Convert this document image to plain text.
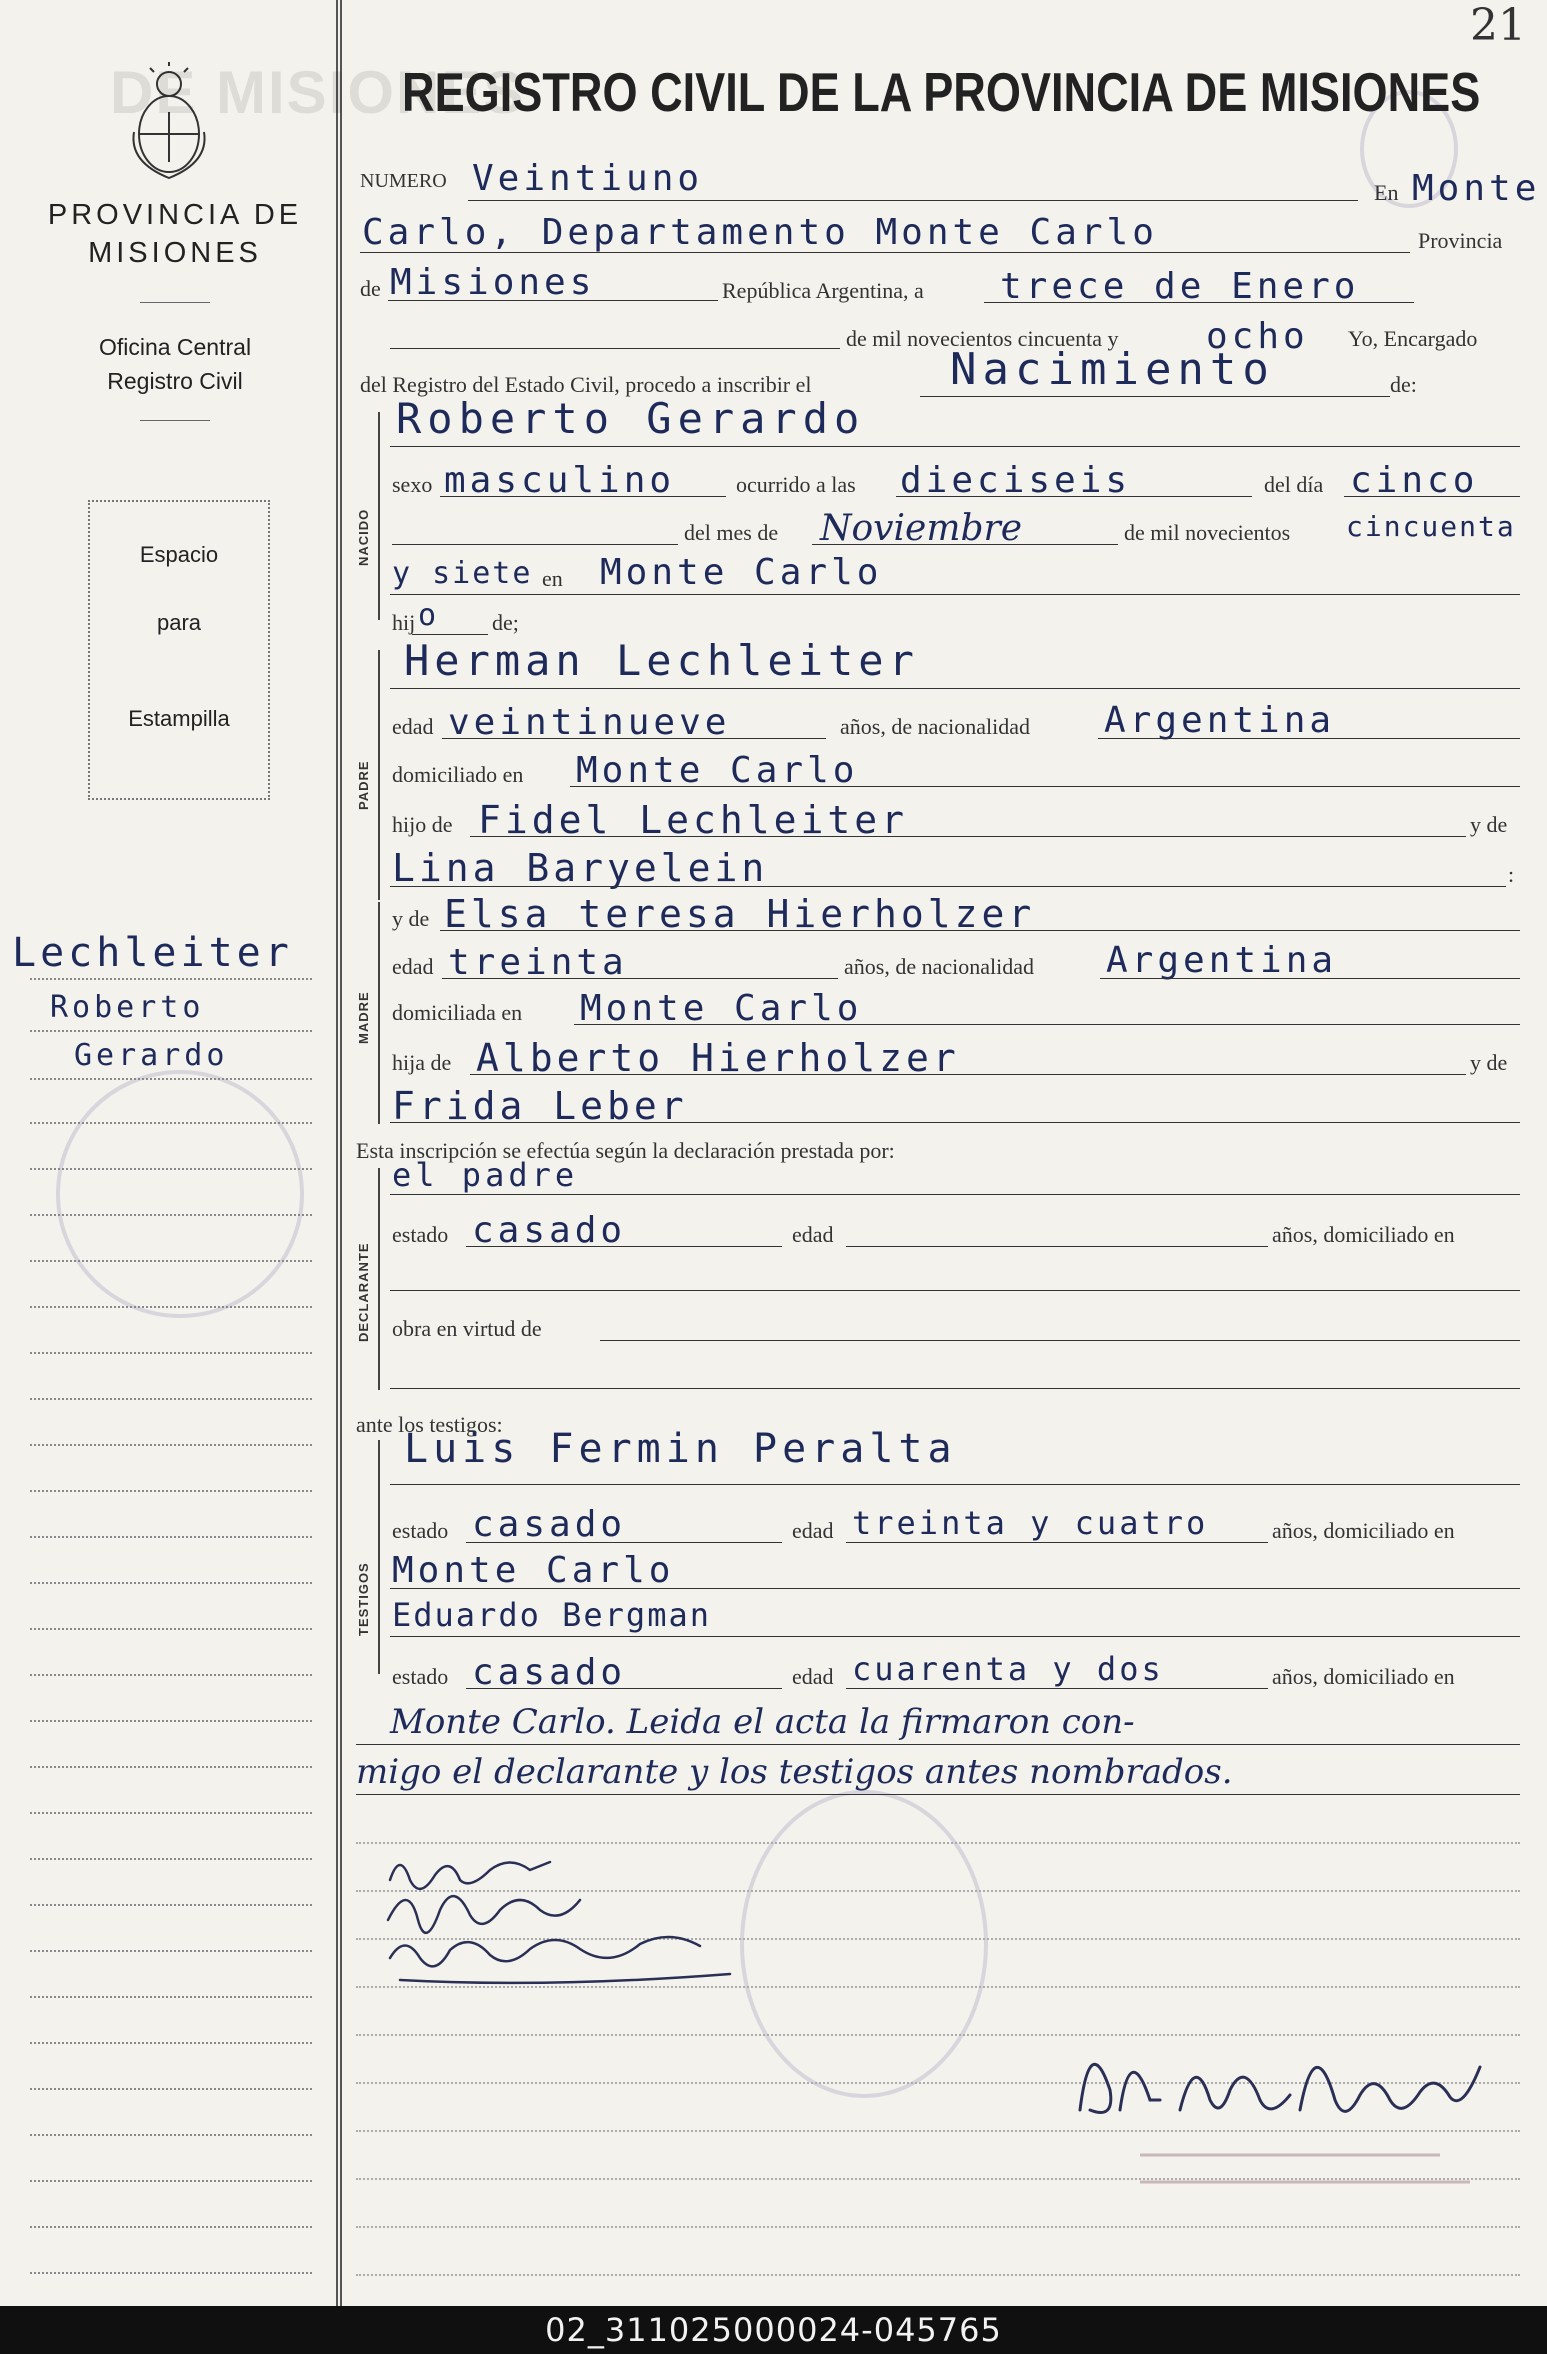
PROVINCIA DE MISIONES
Oficina Central
Registro Civil
Espacio
para
Estampilla
Lechleiter
Roberto
Gerardo
DE MISIONES
21
REGISTRO CIVIL DE LA PROVINCIA DE MISIONES
NUMERO Veintiuno	En Monte
Carlo, Departamento Monte Carlo	Provincia
de Misiones	República Argentina, a trece de Enero
de mil novecientos cincuenta y ocho Yo, Encargado
del Registro del Estado Civil, procedo a inscribir el	Nacimiento	de:
NACIDO
Roberto Gerardo
sexo masculino	ocurrido a las dieciseis	del día cinco
del mes de Noviembre	de mil novecientos cincuenta
y siete en Monte Carlo
hij o de;
PADRE
Herman Lechleiter
edad veintinueve	años, de nacionalidad Argentina
domiciliado en Monte Carlo
hijo de Fidel Lechleiter	y de
Lina Baryelein	:
MADRE
y de Elsa teresa Hierholzer
edad treinta	años, de nacionalidad Argentina
domiciliada en Monte Carlo
hija de Alberto Hierholzer	y de
Frida Leber
Esta inscripción se efectúa según la declaración prestada por:
DECLARANTE
el padre
estado casado	edad	años, domiciliado en
obra en virtud de
ante los testigos:
TESTIGOS
Luis Fermin Peralta
estado casado	edad treinta y cuatro	años, domiciliado en
Monte Carlo
Eduardo Bergman
estado casado	edad cuarenta y dos	años, domiciliado en
Monte Carlo. Leida el acta la firmaron con-
migo el declarante y los testigos antes nombrados.
02_311025000024-045765
